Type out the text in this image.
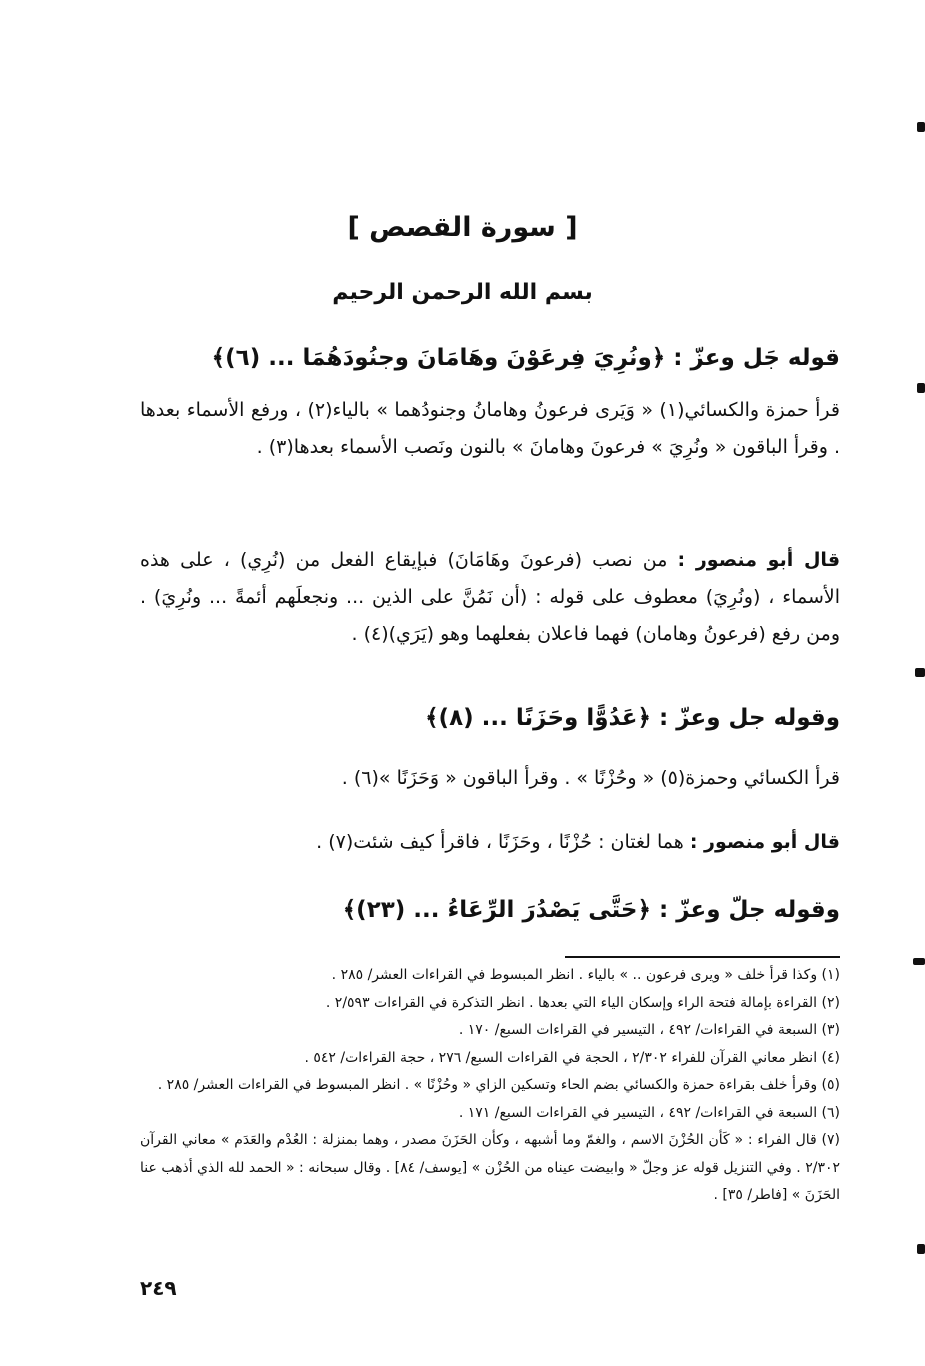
[ سورة القصص ]
بسم الله الرحمن الرحيم
قوله جَل وعزّ : ﴿ونُرِيَ فِرعَوْنَ وهَامَانَ وجنُودَهُمَا ... (٦)﴾
قرأ حمزة والكسائي(١) « وَيَرى فرعونُ وهامانُ وجنودُهما » بالياء(٢) ، ورفع الأسماء بعدها . وقرأ الباقون « ونُرِيَ » فرعونَ وهامانَ » بالنون ونَصب الأسماء بعدها(٣) .
قال أبو منصور : من نصب (فرعونَ وهَامَانَ) فبإيقاع الفعل من (نُرِي) ، على هذه الأسماء ، (ونُرِيَ) معطوف على قوله : (أن نَمُنَّ على الذين ... ونجعلَهم أئمةً ... ونُرِيَ) . ومن رفع (فرعونُ وهامان) فهما فاعلان بفعلهما وهو (يَرَي)(٤) .
وقوله جل وعزّ : ﴿عَدُوًّا وحَزَنًا ... (٨)﴾
قرأ الكسائي وحمزة(٥) « وحُزْنًا » . وقرأ الباقون « وَحَزَنًا »(٦) .
قال أبو منصور : هما لغتان : حُزْنًا ، وحَزَنًا ، فاقرأ كيف شئت(٧) .
وقوله جلّ وعزّ : ﴿حَتَّى يَصْدُرَ الرِّعَاءُ ... (٢٣)﴾

(١) وكذا قرأ خلف « ويرى فرعون .. » بالياء . انظر المبسوط في القراءات العشر/ ٢٨٥ .

(٢) القراءة بإمالة فتحة الراء وإسكان الياء التي بعدها . انظر التذكرة في القراءات ٢/٥٩٣ .

(٣) السبعة في القراءات/ ٤٩٢ ، التيسير في القراءات السبع/ ١٧٠ .

(٤) انظر معاني القرآن للفراء ٢/٣٠٢ ، الحجة في القراءات السبع/ ٢٧٦ ، حجة القراءات/ ٥٤٢ .

(٥) وقرأ خلف بقراءة حمزة والكسائي بضم الحاء وتسكين الزاي « وحُزْنًا » . انظر المبسوط في القراءات العشر/ ٢٨٥ .

(٦) السبعة في القراءات/ ٤٩٢ ، التيسير في القراءات السبع/ ١٧١ .

(٧) قال الفراء : « كَأن الحُزْنَ الاسم ، والغمّ وما أشبهه ، وكأن الحَزَنَ مصدر ، وهما بمنزلة : العُدْم والعَدَم » معاني القرآن ٢/٣٠٢ . وفي التنزيل قوله عز وجلّ « وابيضت عيناه من الحُزْن » [يوسف/ ٨٤] . وقال سبحانه : « الحمد لله الذي أذهب عنا الحَزَنَ » [فاطر/ ٣٥] .

٢٤٩
